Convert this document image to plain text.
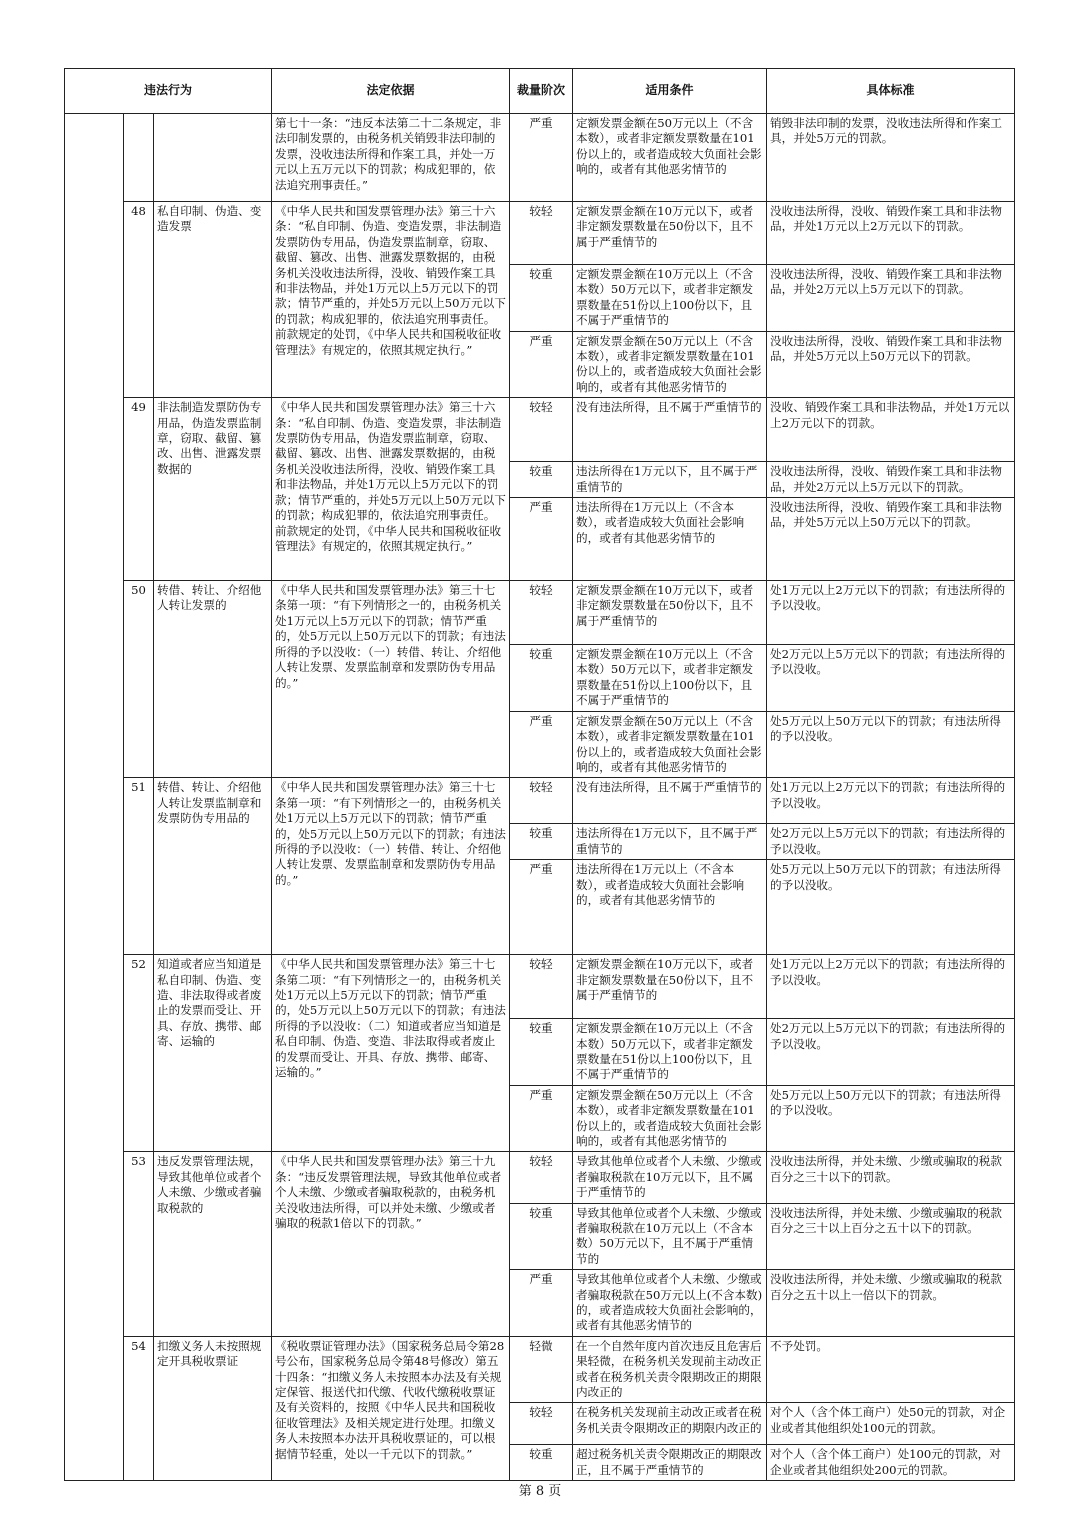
违法行为			法定依据	裁量阶次	适用条件	具体标准
			第七十一条：“违反本法第二十二条规定，非法印制发票的，由税务机关销毁非法印制的发票，没收违法所得和作案工具，并处一万元以上五万元以下的罚款；构成犯罪的，依法追究刑事责任。”	严重	定额发票金额在50万元以上（不含本数），或者非定额发票数量在101份以上的，或者造成较大负面社会影响的，或者有其他恶劣情节的	销毁非法印制的发票，没收违法所得和作案工具，并处5万元的罚款。
	48	私自印制、伪造、变造发票	《中华人民共和国发票管理办法》第三十六条：“私自印制、伪造、变造发票，非法制造发票防伪专用品，伪造发票监制章，窃取、截留、篡改、出售、泄露发票数据的，由税务机关没收违法所得，没收、销毁作案工具和非法物品，并处1万元以上5万元以下的罚款；情节严重的，并处5万元以上50万元以下的罚款；构成犯罪的，依法追究刑事责任。前款规定的处罚，《中华人民共和国税收征收管理法》有规定的，依照其规定执行。”	较轻	定额发票金额在10万元以下，或者非定额发票数量在50份以下，且不属于严重情节的	没收违法所得，没收、销毁作案工具和非法物品，并处1万元以上2万元以下的罚款。
				较重	定额发票金额在10万元以上（不含本数）50万元以下，或者非定额发票数量在51份以上100份以下，且不属于严重情节的	没收违法所得，没收、销毁作案工具和非法物品，并处2万元以上5万元以下的罚款。
				严重	定额发票金额在50万元以上（不含本数），或者非定额发票数量在101份以上的，或者造成较大负面社会影响的，或者有其他恶劣情节的	没收违法所得，没收、销毁作案工具和非法物品，并处5万元以上50万元以下的罚款。
	49	非法制造发票防伪专用品，伪造发票监制章，窃取、截留、篡改、出售、泄露发票数据的	《中华人民共和国发票管理办法》第三十六条：“私自印制、伪造、变造发票，非法制造发票防伪专用品，伪造发票监制章，窃取、截留、篡改、出售、泄露发票数据的，由税务机关没收违法所得，没收、销毁作案工具和非法物品，并处1万元以上5万元以下的罚款；情节严重的，并处5万元以上50万元以下的罚款；构成犯罪的，依法追究刑事责任。前款规定的处罚，《中华人民共和国税收征收管理法》有规定的，依照其规定执行。”	较轻	没有违法所得，且不属于严重情节的	没收、销毁作案工具和非法物品，并处1万元以上2万元以下的罚款。
				较重	违法所得在1万元以下，且不属于严重情节的	没收违法所得，没收、销毁作案工具和非法物品，并处2万元以上5万元以下的罚款。
				严重	违法所得在1万元以上（不含本数），或者造成较大负面社会影响的，或者有其他恶劣情节的	没收违法所得，没收、销毁作案工具和非法物品，并处5万元以上50万元以下的罚款。
	50	转借、转让、介绍他人转让发票的	《中华人民共和国发票管理办法》第三十七条第一项：“有下列情形之一的，由税务机关处1万元以上5万元以下的罚款；情节严重的，处5万元以上50万元以下的罚款；有违法所得的予以没收：（一）转借、转让、介绍他人转让发票、发票监制章和发票防伪专用品的。”	较轻	定额发票金额在10万元以下，或者非定额发票数量在50份以下，且不属于严重情节的	处1万元以上2万元以下的罚款；有违法所得的予以没收。
				较重	定额发票金额在10万元以上（不含本数）50万元以下，或者非定额发票数量在51份以上100份以下，且不属于严重情节的	处2万元以上5万元以下的罚款；有违法所得的予以没收。
				严重	定额发票金额在50万元以上（不含本数），或者非定额发票数量在101份以上的，或者造成较大负面社会影响的，或者有其他恶劣情节的	处5万元以上50万元以下的罚款；有违法所得的予以没收。
	51	转借、转让、介绍他人转让发票监制章和发票防伪专用品的	《中华人民共和国发票管理办法》第三十七条第一项：“有下列情形之一的，由税务机关处1万元以上5万元以下的罚款；情节严重的，处5万元以上50万元以下的罚款；有违法所得的予以没收：（一）转借、转让、介绍他人转让发票、发票监制章和发票防伪专用品的。”	较轻	没有违法所得，且不属于严重情节的	处1万元以上2万元以下的罚款；有违法所得的予以没收。
				较重	违法所得在1万元以下，且不属于严重情节的	处2万元以上5万元以下的罚款；有违法所得的予以没收。
				严重	违法所得在1万元以上（不含本数），或者造成较大负面社会影响的，或者有其他恶劣情节的	处5万元以上50万元以下的罚款；有违法所得的予以没收。
	52	知道或者应当知道是私自印制、伪造、变造、非法取得或者废止的发票而受让、开具、存放、携带、邮寄、运输的	《中华人民共和国发票管理办法》第三十七条第二项：“有下列情形之一的，由税务机关处1万元以上5万元以下的罚款；情节严重的，处5万元以上50万元以下的罚款；有违法所得的予以没收：（二）知道或者应当知道是私自印制、伪造、变造、非法取得或者废止的发票而受让、开具、存放、携带、邮寄、运输的。”	较轻	定额发票金额在10万元以下，或者非定额发票数量在50份以下，且不属于严重情节的	处1万元以上2万元以下的罚款；有违法所得的予以没收。
				较重	定额发票金额在10万元以上（不含本数）50万元以下，或者非定额发票数量在51份以上100份以下，且不属于严重情节的	处2万元以上5万元以下的罚款；有违法所得的予以没收。
				严重	定额发票金额在50万元以上（不含本数），或者非定额发票数量在101份以上的，或者造成较大负面社会影响的，或者有其他恶劣情节的	处5万元以上50万元以下的罚款；有违法所得的予以没收。
	53	违反发票管理法规，导致其他单位或者个人未缴、少缴或者骗取税款的	《中华人民共和国发票管理办法》第三十九条：“违反发票管理法规，导致其他单位或者个人未缴、少缴或者骗取税款的，由税务机关没收违法所得，可以并处未缴、少缴或者骗取的税款1倍以下的罚款。”	较轻	导致其他单位或者个人未缴、少缴或者骗取税款在10万元以下，且不属于严重情节的	没收违法所得，并处未缴、少缴或骗取的税款百分之三十以下的罚款。
				较重	导致其他单位或者个人未缴、少缴或者骗取税款在10万元以上（不含本数）50万元以下，且不属于严重情节的	没收违法所得，并处未缴、少缴或骗取的税款百分之三十以上百分之五十以下的罚款。
				严重	导致其他单位或者个人未缴、少缴或者骗取税款在50万元以上(不含本数)的，或者造成较大负面社会影响的，或者有其他恶劣情节的	没收违法所得，并处未缴、少缴或骗取的税款百分之五十以上一倍以下的罚款。
	54	扣缴义务人未按照规定开具税收票证	《税收票证管理办法》（国家税务总局令第28号公布，国家税务总局令第48号修改）第五十四条：“扣缴义务人未按照本办法及有关规定保管、报送代扣代缴、代收代缴税收票证及有关资料的，按照《中华人民共和国税收征收管理法》及相关规定进行处理。扣缴义务人未按照本办法开具税收票证的，可以根据情节轻重，处以一千元以下的罚款。”	轻微	在一个自然年度内首次违反且危害后果轻微，在税务机关发现前主动改正或者在税务机关责令限期改正的期限内改正的	不予处罚。
				较轻	在税务机关发现前主动改正或者在税务机关责令限期改正的期限内改正的	对个人（含个体工商户）处50元的罚款，对企业或者其他组织处100元的罚款。
				较重	超过税务机关责令限期改正的期限改正，且不属于严重情节的	对个人（含个体工商户）处100元的罚款，对企业或者其他组织处200元的罚款。
第 8 页
